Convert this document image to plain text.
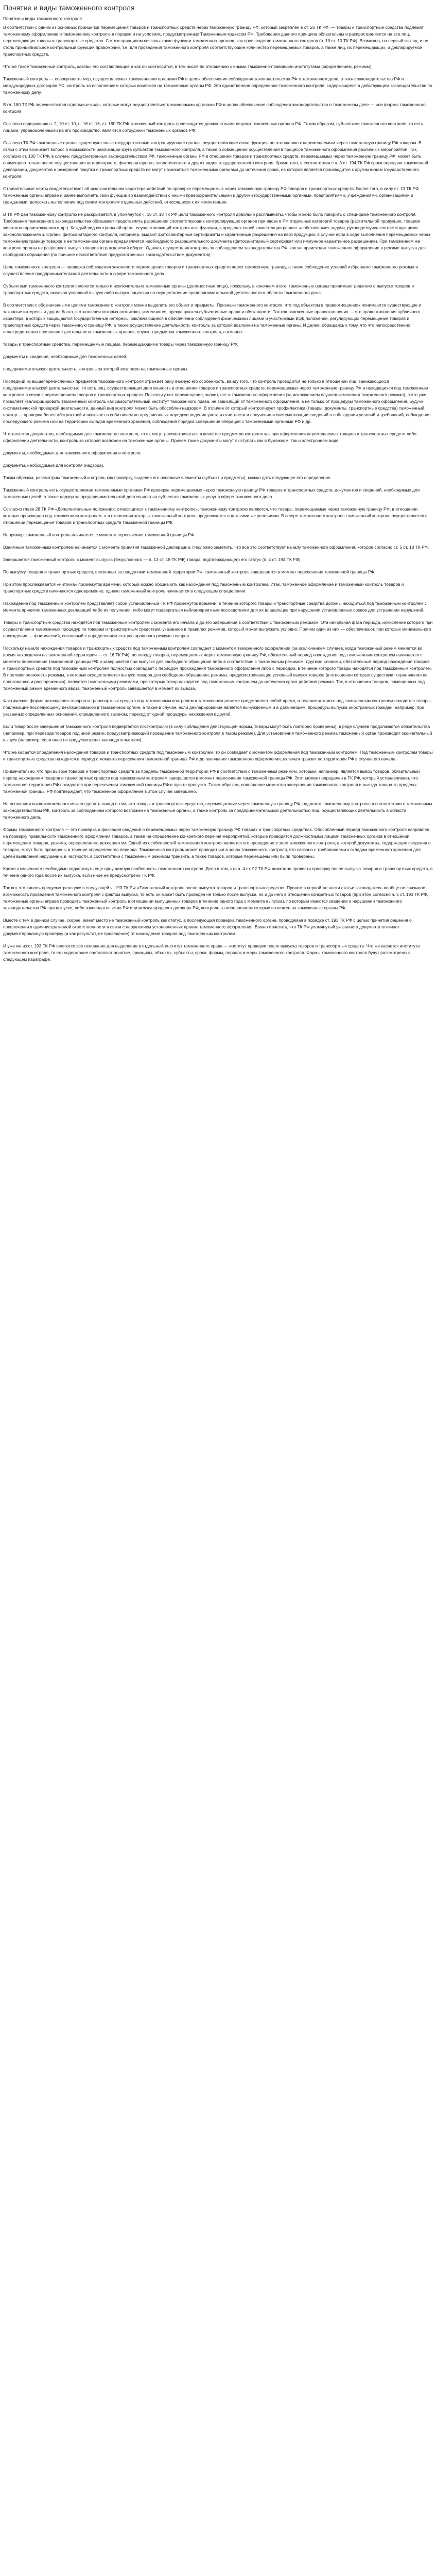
Понятие и виды таможенного контроля

Понятие и виды таможенного контроля

В соответствии с одним из основных принципов перемещения товаров и транспортных средств через таможенную границу РФ, который закреплен в ст. 26 ТК РФ, — товары и транспортные средства подлежат таможенному оформлению и таможенному контролю в порядке и на условиях, предусмотренных Таможенным кодексом РФ. Требования данного принципа обязательны и распространяются на все лиц, перемещающих товары и транспортные средства. С этим принципом связаны такие функции таможенных органов, как производство таможенного контроля (п. 10 ст. 10 ТК РФ). Возможно, на первый взгляд, и не столь принципиальное контрольный функций правомочий, т.е. для проведения таможенного контроля соответствующие количество перемещаемых товаров, а также лиц, их перемещающих, и декларируемой транспортных средств.

Что же такое таможенный контроль, каковы его составляющие и как он соотносится, в том числе по отношению с иными таможенно-правовыми институтами (оформлением, режимы).

Таможенный контроль — совокупность мер, осуществляемых таможенными органами РФ в целях обеспечения соблюдения законодательства РФ о таможенном деле, а также законодательства РФ и международных договоров РФ, контроль за исполнением которых возложен на таможенные органы РФ. Это единственное определение таможенного контроля, содержащееся в действующем законодательстве по таможенному делу.

В гл. 180 ТК РФ перечисляются отдельные виды, которые могут осуществляться таможенными органами РФ в целях обеспечения соблюдения законодательства о таможенном деле — или формы таможенного контроля.

Согласно содержанию п. 2, 10 ст. 10, п. 16 ст. 16, ст. 180 ТК РФ таможенный контроль производится должностными лицами таможенных органов РФ. Таким образом, субъектами таможенного контроля, то есть лицами, управомоченными на его производство, являются сотрудники таможенных органов РФ.

Согласно ТК РФ таможенные органы существуют иные государственные контролирующие органы, осуществляющие свою функцию по отношению к перемещаемым через таможенную границу РФ товарам. В связи с этим возникает вопрос о возможности реализации круга субъектов таможенного контроля, а также о совмещении осуществления в процессе таможенного оформления различных мероприятий. Так, согласно ст. 130 ТК РФ, в случае, предусмотренных законодательством РФ, таможенные органы РФ в отношении товаров и транспортных средств, перемещаемых через таможенную границу РФ, может быть совмещено только после осуществления ветеринарного, фитосанитарного, экологического и других видов государственного контроля. Кроме того, в соответствии с ч. 3 ст. 194 ТК РФ сроки передачи таможенной декларации, документов и резервной покупки и транспортных средств не могут назначаться таможенными органами до истечения срока, на которой является производится к другим видам государственного контроля.

Отличительные черты свидетельствуют об исключительном характере действий по проверке перемещаемых через таможенную границу РФ товаров и транспортных средств. Более того, в силу ст. 13 ТК РФ таможенные органы вправе и ранее выполнять свои функции во взаимодействии с иными правоохранительными и другими государственными органами, предприятиями, учреждениями, организациями и гражданами, допускать выполнение под своим контролем отдельных действий, относящихся к их компетенции.

В ТК РФ дан таможенному контролю не раскрывается, в упомянутой ч. 16 ст. 18 ТК РФ цели таможенного контроля довольно расплывчаты, чтобы можно было говорить о специфике таможенного контроля. Требования таможенного законодательства обязывают представлять разрешения соответствующих контролирующих органов при ввозе в РФ отдельных категорий товаров (растительной продукции, товаров животного происхождения и др.). Каждый вид контрольной орган, осуществляющий контрольные функции, в пределах своей компетенции решает «собственные» задачи, руководствуясь соответствующими законоположениями. Органы фитосанитарного контроля, например, выдают фитосанитарные сертификаты и карантинные разрешения на ввоз продукции, в случае если в ходе выполнения перемещаемых через таможенную границу товаров в ее таможенном органе предъявляется необходимого разрешительного документа (фитосанитарный сертификат или иммунное карантинное разрешение). При таможенном же контроле органы не разрешают выпуск товаров в гражданский оборот. Однако, осуществляя контроль за соблюдением законодательства РФ, как же происходит таможенное оформление в режиме выпуска для свободного обращения (по причине несоответствия предусмотренных законодательством документов).

Цель таможенного контроля — проверка соблюдения законности перемещения товаров и транспортных средств через таможенную границу, а также соблюдение условий избранного таможенного режима и осуществления предпринимательской деятельности в сфере таможенного дела.

Субъектами таможенного контроля являются только и исключительно таможенные органы (должностные лица), поскольку, в конечном итоге, таможенные органы принимают решение о выпуске товаров и транспортных средств, включая условный выпуск либо выпуск лицензии на осуществление предпринимательской деятельности в области таможенного дела.

В соответствии с обозначенными целями таможенного контроля можно выделить его объект и предметы. Признаки таможенного контроля, что под объектом в правоотношениях понимаются существующие и законные интересы и другие блага, в отношении которых возникают, изменяются, прекращаются субъективные права и обязанности. Так как таможенные правоотношения — это правоотношения публичного характера, в которых защищаются государственные интересы, заключающиеся в обеспечении соблюдения физическими лицами и участниками ВЭД положений, регулирующих перемещение товаров и транспортных средств через таможенную границу РФ, а также осуществление деятельности, контроль за которой возложен на таможенные органы. И далее, обращаясь к тому, что что непосредственно непосредственно проявление деятельности таможенных органов, служат предметом таможенного контроля, а именно:

товары и транспортные средства, перемещаемые лицами, перемещающими товары через таможенную границу РФ;

документы и сведения, необходимые для таможенных целей;

предпринимательская деятельность, контроль за которой возложен на таможенные органы.

Последний из вышеперечисленных предметов таможенного контроля отражает одну важную его особенность, ввиду того, что контроль проводится не только в отношении лиц, занимающихся предпринимательской деятельностью, то есть лиц, осуществляющих деятельность в отношении товаров и транспортных средств, перемещаемых через таможенную границу РФ и находящихся под таможенным контролем в связи с перемещением товаров и транспортных средств. Поскольку нет перемещения, значит, нет и таможенного оформления (за исключением случаев изменения таможенного режима), а это уже позволяет квалифицировать таможенный контроль как самостоятельный институт таможенного права, не зависящий от таможенного оформления, а не только от процедуры таможенного оформления. Будучи систематической проверкой деятельности, данный вид контроля может быть обособлен надзором. В отличие от который контролирует профилактики (товары, документы, транспортные средства) таможенный надзор — проверка более абстрактной и включает в себя ничем не предписанных порядков ведения учета и отчетности и получения и систематизации сведений о соблюдении условий и требований, соблюдения последующего режима или на территории складов временного хранения, соблюдения порядка совершения операций с таможенными органами РФ и др.

Что касается документов, необходимых для таможенного контроля, то их могут рассматриваться в качестве предметов контроля как при оформлении перемещаемых товаров и транспортных средств либо оформлении деятельности, контроль за которой возложен на таможенные органы. Причем такие документы могут выступать как в бумажном, так и электронном виде.

документы, необходимые для таможенного оформления и контроля;

документы, необходимые для контроля (надзора).

Таким образом, рассмотрим таможенный контроль как проверку, выделив его основные элементы (субъект и предметы), можно дать следующее его определение.

Таможенный контроль есть осуществляемая таможенными органами РФ проверка перемещаемых через таможенную границу РФ товаров и транспортных средств, документов и сведений, необходимых для таможенных целей, а также надзор за предпринимательской деятельностью субъектов таможенных услуг в сфере таможенного дела.

Согласно главе 28 ТК РФ «Дополнительные положения, относящиеся к таможенному контролю», таможенному контролю являются, что товары, перемещаемые через таможенную границу РФ, в отношении которых произведен под таможенным контролем, а в отношении которых таможенный контроль продолжается под такими же условиями. В сфере таможенного контроля таможенный контроль осуществляется в отношении перемещения товаров и транспортных средств таможенной границы РФ.

Например, таможенный контроль начинается с момента пересечения таможенной границы РФ.

Взаимным таможенным контролем начинается с момента принятия таможенной декларации. Несложно заметить, что все это соответствует началу таможенного оформления, которое согласно ст. 5 ст. 18 ТК РФ.

Завершается таможенный контроль в момент выпуска (безусловного — п. 13 ст. 18 ТК РФ) товара, подтверждающего его статус (п. 4 ст. 194 ТК РФ).

По выпуску товаров и транспортных средств, ввезенных за пределами таможенной территории РФ, таможенный контроль завершается в момент пересечения таможенной границы РФ.

При этом прослеживается «ниточка» промежуток времени, который можно обозначить как нахождения под таможенным контролем. Итак, таможенное оформление и таможенный контроль товаров и транспортных средств начинаются одновременно, однако таможенный контроль начинается в следующем определении:

Нахождение под таможенным контролем представляет собой установленный ТК РФ промежуток времени, в течение которого товары и транспортные средства должны находиться под таможенным контролем с момента принятия таможенных деклараций либо их получения, либо могут подвергаться неблагоприятным последствиям для их владельцев при нарушении установленных сроков для устранения нарушений.

Товары и транспортные средства находятся под таможенным контролем с момента его начала и до его завершения в соответствии с таможенным режимом. Эта начальная фаза периода, исчисление которого при осуществлении таможенных процедур по товарам и транспортным средствам, указанное в правилах режимов, который может выпускать условно. Причем один из них — обеспечивают, при которых минимального нахождения — фактический, связанный с определением статуса правового режима товаров.

Поскольку начало нахождения товаров и транспортных средств под таможенным контролем совпадает с моментом таможенного оформления (за исключением случаев, когда таможенный режим меняется во время нахождения на таможенной территории — ст. 16 ТК РФ), по поводу товаров, перемещаемых через таможенную границу РФ, обязательный период нахождения под таможенным контролем начинается с момента пересечения таможенной границы РФ и завершается при выпуске для свободного обращения либо в соответствии с таможенным режимом. Другими словами, обязательный период нахождения товаров и транспортных средств под таможенным контролем полностью совпадает с периодом прохождения таможенного оформления либо с периодом, в течение которого товары находятся под таможенным контролем. В противоположность режимы, в которых осуществляется выпуск товаров для свободного обращения, режимы, предусматривающие условный выпуск товаров (в отношении которых существуют ограничения по пользованию и распоряжению), являются таможенными режимами, при которых товар находится под таможенным контролем до истечения срока действия режима. Так, в отношении товаров, помещенных под таможенный режим временного ввоза, таможенный контроль завершается в момент их вывоза.

Фактическая форма нахождения товаров и транспортных средств под таможенным контролем в таможенном режиме представляет собой время, в течение которого под таможенным контролем находятся товары, подлежащие последующему декларированию в таможенном органе, а также в случае, если декларирование является вынужденным и в дальнейшем, процедуры выпуска иностранных граждан, например, при указанных определенных оснований, определенного законом, переход от одной процедуры нахождения к другой.

Если товар после завершения таможенного контроля подвергается постконтролю (в силу соблюдения действующей нормы, товары могут быть повторно проверены), в ряде случаев продолжаются обязательства (например, при переводе товаров под иной режим, предусматривающий проведение таможенного контроля в таком режиме). Для установления таможенного режима таможенный орган производит окончательный выпуск (например, если иное не предусмотрено законодательством).

Что же касается определения нахождения товаров и транспортных средств под таможенным контролем, то он совпадает с моментом оформления под таможенным контролем. Под таможенным контролем товары и транспортные средства находятся в период с момента пересечения таможенной границы РФ и до окончания таможенного оформления, включая транзит по территории РФ в случае его начала.

Примечательно, что при вывозе товаров и транспортных средств за пределы таможенной территории РФ в соответствии с таможенным режимом, которым, например, является вывоз товаров, обязательный период нахождения товаров и транспортных средств под таможенным контролем завершается в момент пересечения таможенной границы РФ. Этот момент определен в ТК РФ, который устанавливает, что таможенная территория РФ покидается при пересечении таможенной границы РФ в пункте пропуска. Таким образом, совпадение моментов завершения таможенного контроля и выезда товара за пределы таможенной границы РФ подтверждает, что таможенное оформление в этом случае завершено.

На основании вышеизложенного можно сделать вывод о том, что товары и транспортные средства, перемещаемые через таможенную границу РФ, подлежат таможенному контролю в соответствии с таможенным законодательством РФ, контроль за соблюдением которого возложен на таможенные органы, а также контроль за предпринимательской деятельностью лиц, осуществляющих деятельность в области таможенного дела.

Формы таможенного контроля — это проверка и фиксация сведений о перемещаемых через таможенную границу РФ товарах и транспортных средствах. Обособленный период таможенного контроля направлен на проверку правильности таможенного оформления товаров, а также на определение конкретного перечня мероприятий, которые проводятся должностными лицами таможенных органов в отношении перемещения товаров, режима, определенного декларантом. Одной из особенностей таможенного контроля является его проведение в зоне таможенного контроля, в которой документы, содержащие сведения о товарах, могут быть проверены в течение определенного периода. Таможенный контроль может проводиться в зонах таможенного контроля, что связано с требованиями к складам временного хранения для целей выявления нарушений, в частности, в соответствии с таможенным режимом транзита, а также товаров, которые перемещены или были проверены.

Кроме отмеченного необходимо подчеркнуть еще одну важную особенность таможенного контроля. Дело в том, что ч. 4 ст. 92 ТК РФ возможно провести проверку после выпуска товаров и транспортных средств, в течение одного года после их выпуска, если иное не предусмотрено ТК РФ.

Так вот это «иное» предусмотрено уже в следующей ч. 193 ТК РФ «Таможенный контроль после выпуска товаров и транспортных средств». Причем в первой же части статьи законодатель вообще не связывает возможность проведения таможенного контроля с фактом выпуска, то есть он может быть проведен не только после выпуска, но и до него в отношении конкретных товаров (при этом согласно ч. 5 ст. 193 ТК РФ, таможенные органы вправе проводить таможенный контроль в отношении выпущенных товаров в течение одного года с момента выпуска), по которым имеются сведения о нарушении таможенного законодательства РФ при выпуске, либо законодательства РФ или международного договора РФ, контроль за исполнением которых возложен на таможенные органы РФ.

Вместе с тем в данном случае, скорее, имеет место не таможенный контроль как статус, а последующая проверка таможенного органа, проводимая в порядке ст. 193 ТК РФ с целью принятия решения о привлечении к административной ответственности в связи с нарушением установленных правил таможенного оформления. Важно отметить, что ТК РФ упомянутый указанного документа отличает документированную проверку (и как результат, ее проведение) от нахождения товаров под таможенным контролем.

И уже же из ст. 193 ТК РФ являются все основания для выделения в отдельный институт таможенного права — институт проверки после выпуска товаров и транспортных средств. Что же касается института таможенного контроля, то его содержание составляют понятие, принципы, объекты, субъекты, сроки, формы, порядок и меры таможенного контроля. Формы таможенного контроля будут рассмотрены в следующем параграфе.
